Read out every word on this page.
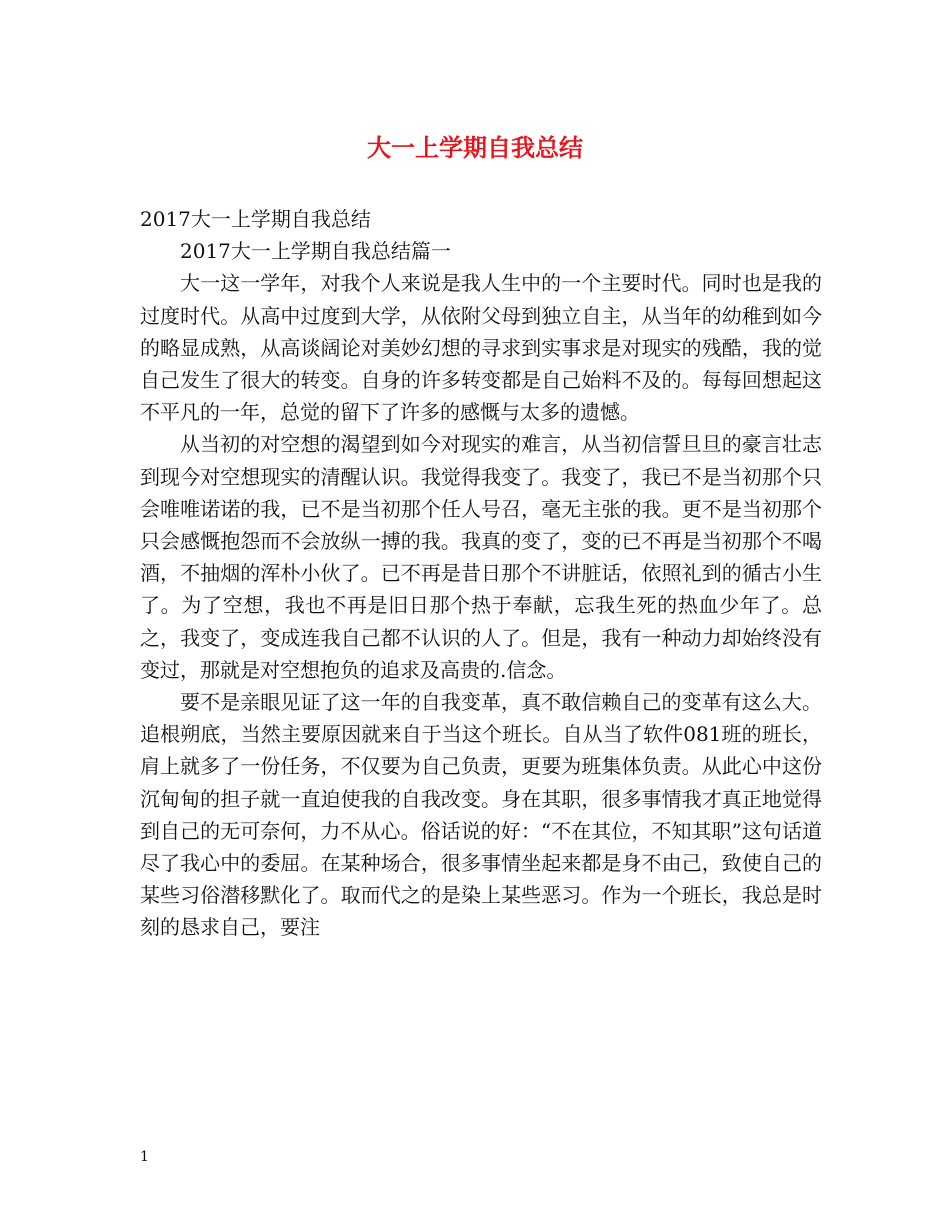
大一上学期自我总结

2017大一上学期自我总结

2017大一上学期自我总结篇一

大一这一学年，对我个人来说是我人生中的一个主要时代。同时也是我的过度时代。从高中过度到大学，从依附父母到独立自主，从当年的幼稚到如今的略显成熟，从高谈阔论对美妙幻想的寻求到实事求是对现实的残酷，我的觉自己发生了很大的转变。自身的许多转变都是自己始料不及的。每每回想起这不平凡的一年，总觉的留下了许多的感慨与太多的遗憾。

从当初的对空想的渴望到如今对现实的难言，从当初信誓旦旦的豪言壮志到现今对空想现实的清醒认识。我觉得我变了。我变了，我已不是当初那个只会唯唯诺诺的我，已不是当初那个任人号召，毫无主张的我。更不是当初那个只会感慨抱怨而不会放纵一搏的我。我真的变了，变的已不再是当初那个不喝酒，不抽烟的浑朴小伙了。已不再是昔日那个不讲脏话，依照礼到的循古小生了。为了空想，我也不再是旧日那个热于奉献，忘我生死的热血少年了。总之，我变了，变成连我自己都不认识的人了。但是，我有一种动力却始终没有变过，那就是对空想抱负的追求及高贵的.信念。

要不是亲眼见证了这一年的自我变革，真不敢信赖自己的变革有这么大。追根朔底，当然主要原因就来自于当这个班长。自从当了软件081班的班长，肩上就多了一份任务，不仅要为自己负责，更要为班集体负责。从此心中这份沉甸甸的担子就一直迫使我的自我改变。身在其职，很多事情我才真正地觉得到自己的无可奈何，力不从心。俗话说的好：“不在其位，不知其职”这句话道尽了我心中的委屈。在某种场合，很多事情坐起来都是身不由己，致使自己的某些习俗潜移默化了。取而代之的是染上某些恶习。作为一个班长，我总是时刻的恳求自己，要注

1
